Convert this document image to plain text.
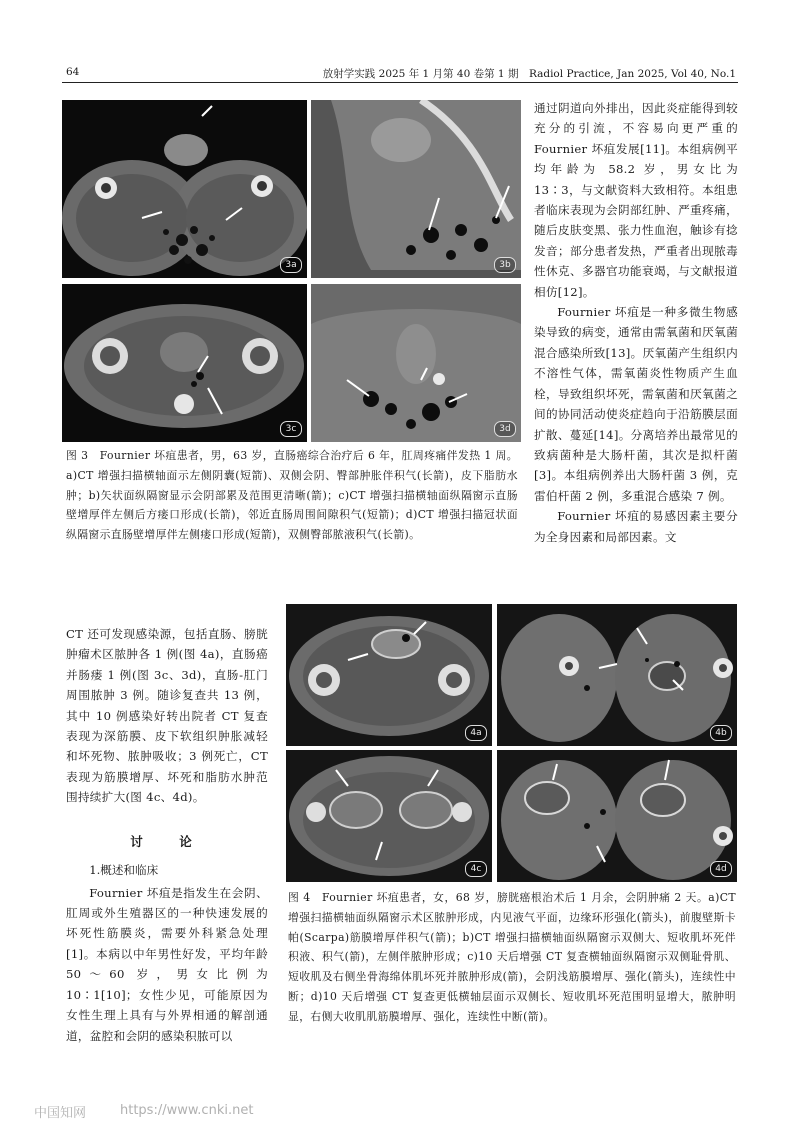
64	放射学实践 2025 年 1 月第 40 卷第 1 期　Radiol Practice, Jan 2025, Vol 40, No.1
3a	3b
3c	3d

图 3　Fournier 坏疽患者，男，63 岁，直肠癌综合治疗后 6 年，肛周疼痛伴发热 1 周。a)CT 增强扫描横轴面示左侧阴囊(短箭)、双侧会阴、臀部肿胀伴积气(长箭)，皮下脂肪水肿；b)矢状面纵隔窗显示会阴部累及范围更清晰(箭)；c)CT 增强扫描横轴面纵隔窗示直肠壁增厚伴左侧后方瘘口形成(长箭)，邻近直肠周围间隙积气(短箭)；d)CT 增强扫描冠状面纵隔窗示直肠壁增厚伴左侧瘘口形成(短箭)，双侧臀部脓液积气(长箭)。

通过阴道向外排出，因此炎症能得到较充分的引流，不容易向更严重的 Fournier 坏疽发展[11]。本组病例平均年龄为 58.2 岁，男女比为 13∶3，与文献资料大致相符。本组患者临床表现为会阴部红肿、严重疼痛，随后皮肤变黑、张力性血泡，触诊有捻发音；部分患者发热，严重者出现脓毒性休克、多器官功能衰竭，与文献报道相仿[12]。

Fournier 坏疽是一种多微生物感染导致的病变，通常由需氧菌和厌氧菌混合感染所致[13]。厌氧菌产生组织内不溶性气体，需氧菌炎性物质产生血栓，导致组织坏死，需氧菌和厌氧菌之间的协同活动使炎症趋向于沿筋膜层面扩散、蔓延[14]。分离培养出最常见的致病菌种是大肠杆菌，其次是拟杆菌[3]。本组病例养出大肠杆菌 3 例，克雷伯杆菌 2 例，多重混合感染 7 例。

Fournier 坏疽的易感因素主要分为全身因素和局部因素。文

CT 还可发现感染源，包括直肠、膀胱肿瘤术区脓肿各 1 例(图 4a)，直肠癌并肠瘘 1 例(图 3c、3d)，直肠-肛门周围脓肿 3 例。随诊复查共 13 例，其中 10 例感染好转出院者 CT 复查表现为深筋膜、皮下软组织肿胀减轻和坏死物、脓肿吸收；3 例死亡，CT 表现为筋膜增厚、坏死和脂肪水肿范围持续扩大(图 4c、4d)。

讨　论
1.概述和临床

Fournier 坏疽是指发生在会阴、肛周或外生殖器区的一种快速发展的坏死性筋膜炎，需要外科紧急处理[1]。本病以中年男性好发，平均年龄 50～60 岁，男女比例为 10∶1[10]；女性少见，可能原因为女性生理上具有与外界相通的解剖通道，盆腔和会阴的感染积脓可以

4a	4b
4c	4d

图 4　Fournier 坏疽患者，女，68 岁，膀胱癌根治术后 1 月余，会阴肿痛 2 天。a)CT 增强扫描横轴面纵隔窗示术区脓肿形成，内见液气平面，边缘环形强化(箭头)，前腹壁斯卡帕(Scarpa)筋膜增厚伴积气(箭)；b)CT 增强扫描横轴面纵隔窗示双侧大、短收肌坏死伴积液、积气(箭)，左侧伴脓肿形成；c)10 天后增强 CT 复查横轴面纵隔窗示双侧耻骨肌、短收肌及右侧坐骨海绵体肌坏死并脓肿形成(箭)，会阴浅筋膜增厚、强化(箭头)，连续性中断；d)10 天后增强 CT 复查更低横轴层面示双侧长、短收肌坏死范围明显增大，脓肿明显，右侧大收肌肌筋膜增厚、强化，连续性中断(箭)。

中国知网	https://www.cnki.net
